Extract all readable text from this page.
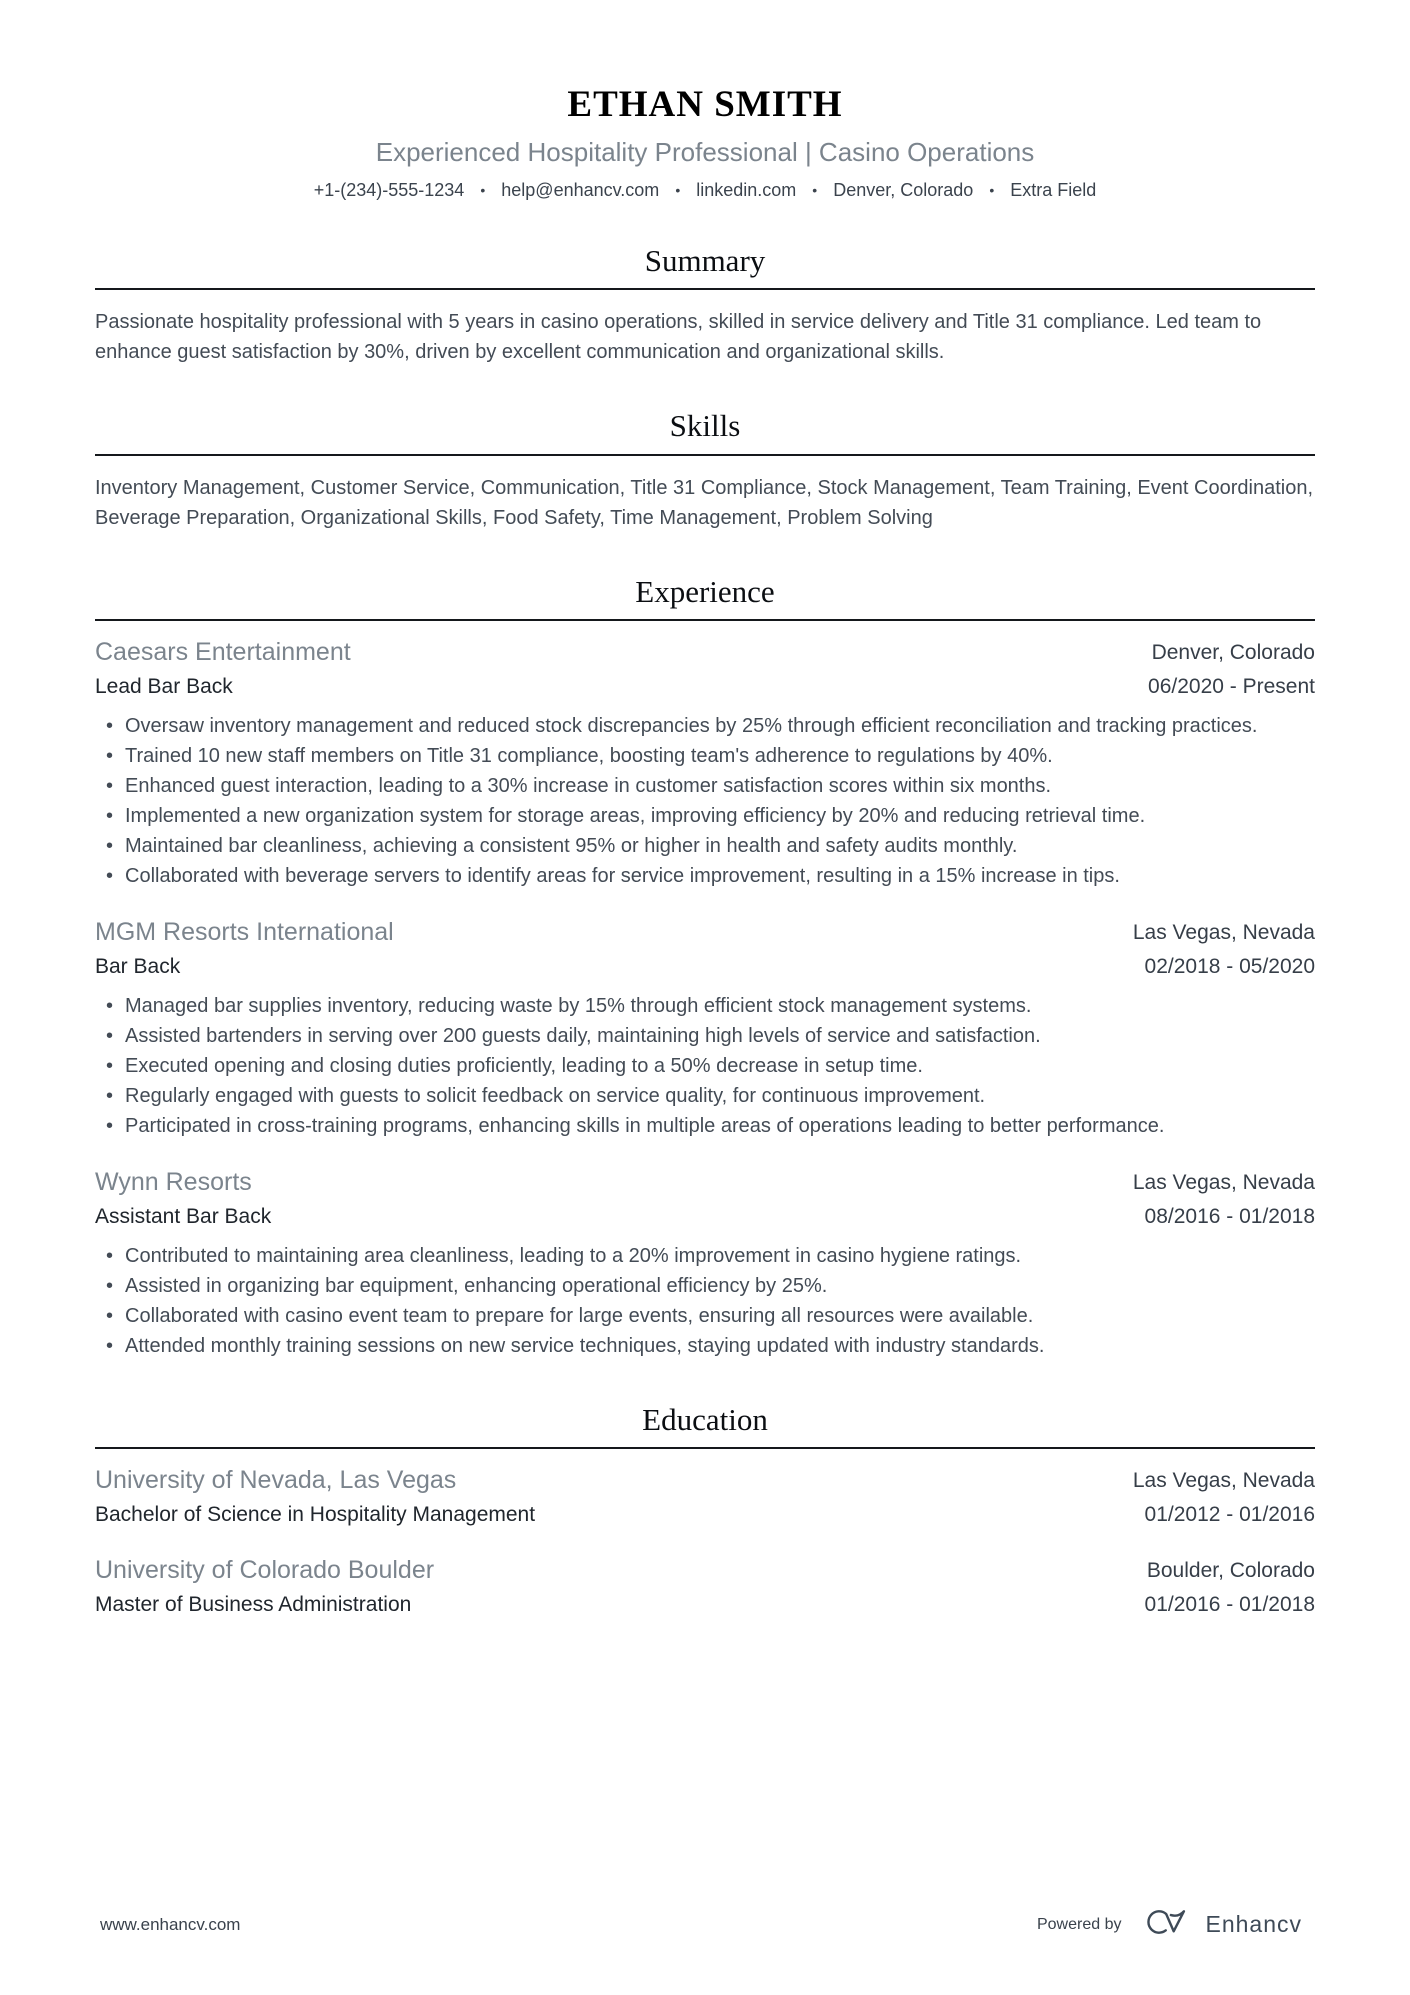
ETHAN SMITH
Experienced Hospitality Professional | Casino Operations
+1-(234)-555-1234 • help@enhancv.com • linkedin.com • Denver, Colorado • Extra Field
Summary

Passionate hospitality professional with 5 years in casino operations, skilled in service delivery and Title 31 compliance. Led team to enhance guest satisfaction by 30%, driven by excellent communication and organizational skills.

Skills

Inventory Management, Customer Service, Communication, Title 31 Compliance, Stock Management, Team Training, Event Coordination, Beverage Preparation, Organizational Skills, Food Safety, Time Management, Problem Solving

Experience
Caesars Entertainment
Lead Bar Back
Denver, Colorado
06/2020 - Present
• Oversaw inventory management and reduced stock discrepancies by 25% through efficient reconciliation and tracking practices.
• Trained 10 new staff members on Title 31 compliance, boosting team's adherence to regulations by 40%.
• Enhanced guest interaction, leading to a 30% increase in customer satisfaction scores within six months.
• Implemented a new organization system for storage areas, improving efficiency by 20% and reducing retrieval time.
• Maintained bar cleanliness, achieving a consistent 95% or higher in health and safety audits monthly.
• Collaborated with beverage servers to identify areas for service improvement, resulting in a 15% increase in tips.
MGM Resorts International
Bar Back
Las Vegas, Nevada
02/2018 - 05/2020
• Managed bar supplies inventory, reducing waste by 15% through efficient stock management systems.
• Assisted bartenders in serving over 200 guests daily, maintaining high levels of service and satisfaction.
• Executed opening and closing duties proficiently, leading to a 50% decrease in setup time.
• Regularly engaged with guests to solicit feedback on service quality, for continuous improvement.
• Participated in cross-training programs, enhancing skills in multiple areas of operations leading to better performance.
Wynn Resorts
Assistant Bar Back
Las Vegas, Nevada
08/2016 - 01/2018
• Contributed to maintaining area cleanliness, leading to a 20% improvement in casino hygiene ratings.
• Assisted in organizing bar equipment, enhancing operational efficiency by 25%.
• Collaborated with casino event team to prepare for large events, ensuring all resources were available.
• Attended monthly training sessions on new service techniques, staying updated with industry standards.
Education
University of Nevada, Las Vegas
Bachelor of Science in Hospitality Management
Las Vegas, Nevada
01/2012 - 01/2016
University of Colorado Boulder
Master of Business Administration
Boulder, Colorado
01/2016 - 01/2018
www.enhancv.com	Powered by	Enhancv
